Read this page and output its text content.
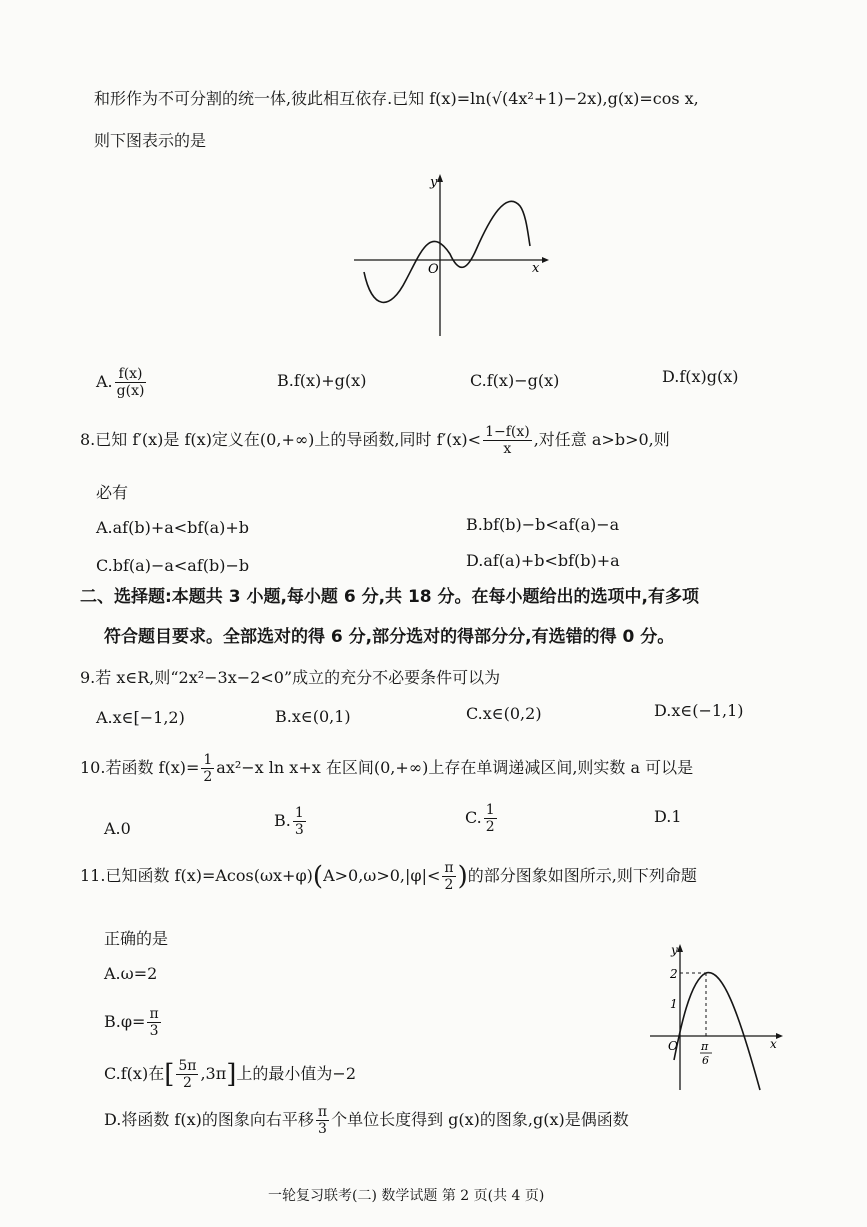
和形作为不可分割的统一体,彼此相互依存.已知 f(x)=ln(√(4x²+1)−2x),g(x)=cos x,
则下图表示的是
y
x
O
A. $\frac{f(x)}{g(x)}$	B.f(x)+g(x)	C.f(x)−g(x)	D.f(x)g(x)
8.已知 f′(x)是 f(x)定义在(0,+∞)上的导函数,同时 $f'(x)< \frac{1-f(x)}{x}$ ,对任意 a>b>0,则
必有
A.af(b)+a<bf(a)+b	B.bf(b)−b<af(a)−a
C.bf(a)−a<af(b)−b	D.af(a)+b<bf(b)+a
二、选择题:本题共 3 小题,每小题 6 分,共 18 分。在每小题给出的选项中,有多项
符合题目要求。全部选对的得 6 分,部分选对的得部分分,有选错的得 0 分。
9.若 x∈R,则“2x²−3x−2<0”成立的充分不必要条件可以为
A.x∈[−1,2)	B.x∈(0,1)	C.x∈(0,2)	D.x∈(−1,1)
10.若函数 $f(x)= \frac{1}{2} ax^2-x$ ln x+x 在区间(0,+∞)上存在单调递减区间,则实数 a 可以是
A.0	B. $\frac{1}{3}$	C. $\frac{1}{2}$	D.1
11.已知函数 $f(x)=Acos(\omega x+\varphi)(A>0,\omega>0,|\varphi|< \frac{\pi}{2}$ )的部分图象如图所示,则下列命题
正确的是
A.ω=2
$B.\varphi= \frac{\pi}{3}$
C.f(x)在[ $\frac{5\pi}{2} ,3\pi$]上的最小值为−2
D.将函数 f(x)的图象向右平移 $\frac{\pi}{3}$ 个单位长度得到 g(x)的图象,g(x)是偶函数
y
x
O
2
1
π
6
一轮复习联考(二) 数学试题 第 2 页(共 4 页)
